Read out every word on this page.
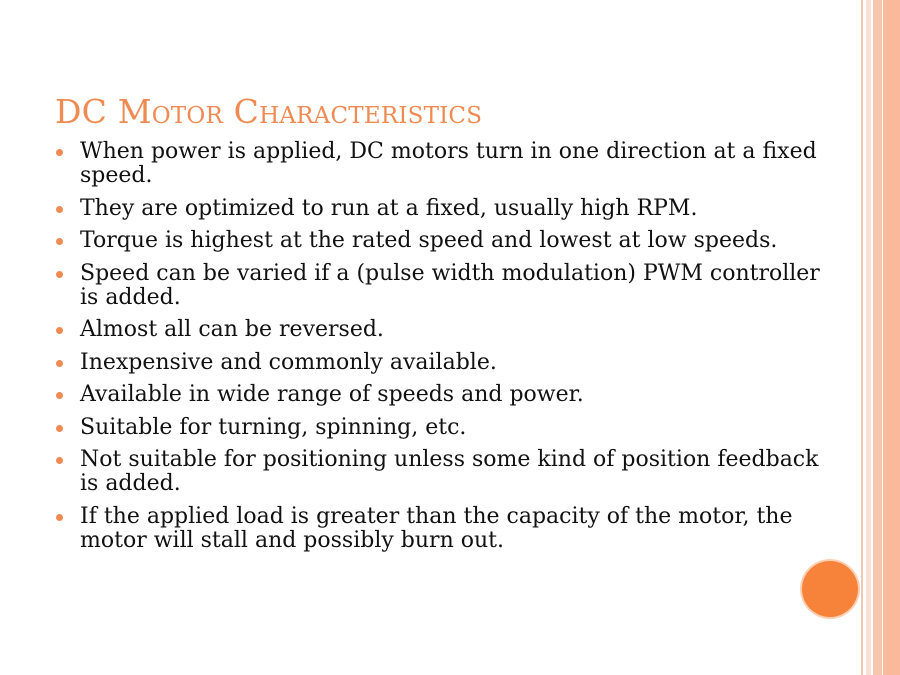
DC Motor Characteristics
When power is applied, DC motors turn in one direction at a fixed speed.
They are optimized to run at a fixed, usually high RPM.
Torque is highest at the rated speed and lowest at low speeds.
Speed can be varied if a (pulse width modulation) PWM controller is added.
Almost all can be reversed.
Inexpensive and commonly available.
Available in wide range of speeds and power.
Suitable for turning, spinning, etc.
Not suitable for positioning unless some kind of position feedback is added.
If the applied load is greater than the capacity of the motor, the motor will stall and possibly burn out.
